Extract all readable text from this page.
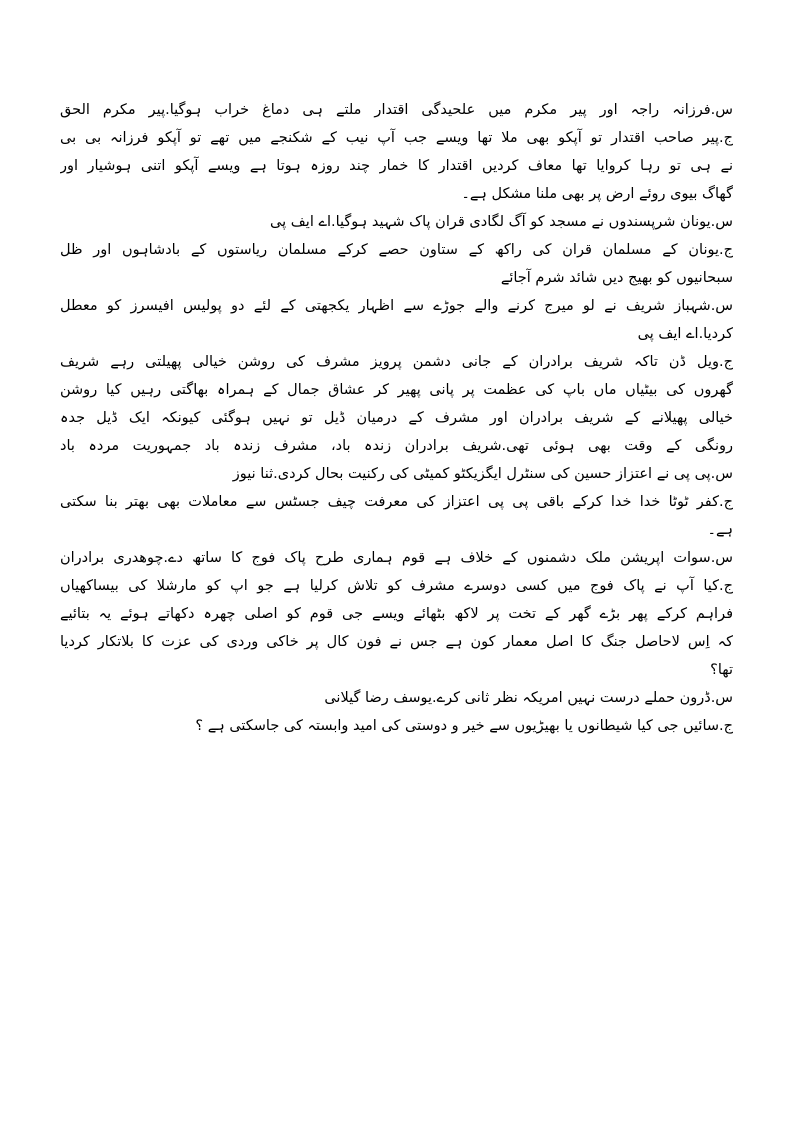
س.فرزانہ راجہ اور پیر مکرم میں علحیدگی اقتدار ملتے ہی دماغ خراب ہوگیا.پیر مکرم الحق
ج.پیر صاحب اقتدار تو آپکو بھی ملا تھا ویسے جب آپ نیب کے شکنجے میں تھے تو آپکو فرزانہ بی بی
نے ہی تو رہا کروایا تھا معاف کردیں اقتدار کا خمار چند روزہ ہوتا ہے ویسے آپکو اتنی ہوشیار اور
گھاگ بیوی روئے ارض پر بھی ملنا مشکل ہے۔
س.یونان شرپسندوں نے مسجد کو آگ لگادی قران پاک شہید ہوگیا.اے ایف پی
ج.یونان کے مسلمان قران کی راکھ کے ستاون حصے کرکے مسلمان ریاستوں کے بادشاہوں اور ظل
سبحانیوں کو بھیج دیں شائد شرم آجائے
س.شہباز شریف نے لو میرج کرنے والے جوڑے سے اظہار یکجھتی کے لئے دو پولیس افیسرز کو معطل
کردیا.اے ایف پی
ج.ویل ڈن تاکہ شریف برادران کے جانی دشمن پرویز مشرف کی روشن خیالی پھیلتی رہے شریف
گھروں کی بیٹیاں ماں باپ کی عظمت پر پانی پھیر کر عشاق جمال کے ہمراہ بھاگتی رہیں کیا روشن
خیالی پھیلانے کے شریف برادران اور مشرف کے درمیان ڈیل تو نہیں ہوگئی کیونکہ ایک ڈیل جدہ
رونگی کے وقت بھی ہوئی تھی.شریف برادران زندہ باد، مشرف زندہ باد جمہوریت مردہ باد
س.پی پی نے اعتزاز حسین کی سنٹرل ایگزیکٹو کمیٹی کی رکنیت بحال کردی.ثنا نیوز
ج.کفر ٹوٹا خدا خدا کرکے باقی پی پی اعتزاز کی معرفت چیف جسٹس سے معاملات بھی بھتر بنا سکتی
ہے۔
س.سوات اپریشن ملک دشمنوں کے خلاف ہے قوم ہماری طرح پاک فوج کا ساتھ دے.چوھدری برادران
ج.کیا آپ نے پاک فوج میں کسی دوسرے مشرف کو تلاش کرلیا ہے جو اپ کو مارشلا کی بیساکھیاں
فراہم کرکے پھر بڑے گھر کے تخت پر لاکھ بٹھائے ویسے جی قوم کو اصلی چھرہ دکھاتے ہوئے یہ بتائیے
کہ اِس لاحاصل جنگ کا اصل معمار کون ہے جس نے فون کال پر خاکی وردی کی عزت کا بلاتکار کردیا
تھا؟
س.ڈرون حملے درست نہیں امریکہ نظر ثانی کرے.یوسف رضا گیلانی
ج.سائیں جی کیا شیطانوں یا بھیڑیوں سے خیر و دوستی کی امید وابستہ کی جاسکتی ہے ؟
